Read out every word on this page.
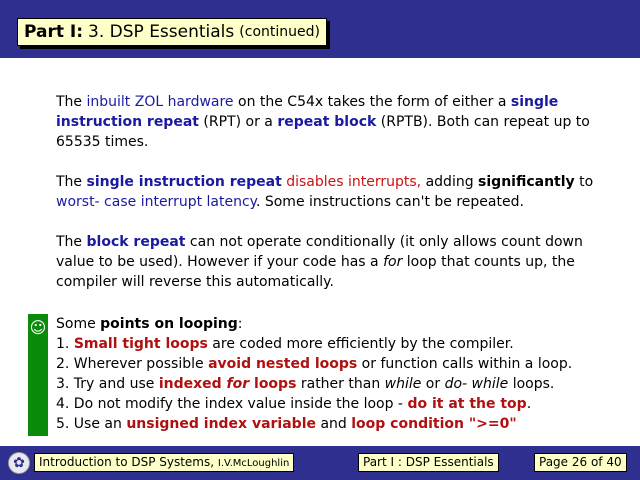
Part I: 3. DSP Essentials (continued)

The inbuilt ZOL hardware on the C54x takes the form of either a single instruction repeat (RPT) or a repeat block (RPTB). Both can repeat up to 65535 times.

The single instruction repeat disables interrupts, adding significantly to worst- case interrupt latency. Some instructions can't be repeated.

The block repeat can not operate conditionally (it only allows count down value to be used). However if your code has a for loop that counts up, the compiler will reverse this automatically.

☺ Some points on looping:
1. Small tight loops are coded more efficiently by the compiler.
2. Wherever possible avoid nested loops or function calls within a loop.
3. Try and use indexed for loops rather than while or do- while loops.
4. Do not modify the index value inside the loop - do it at the top.
5. Use an unsigned index variable and loop condition ">=0"
✿	Introduction to DSP Systems, I.V.McLoughlin	Part I : DSP Essentials	Page 26 of 40
